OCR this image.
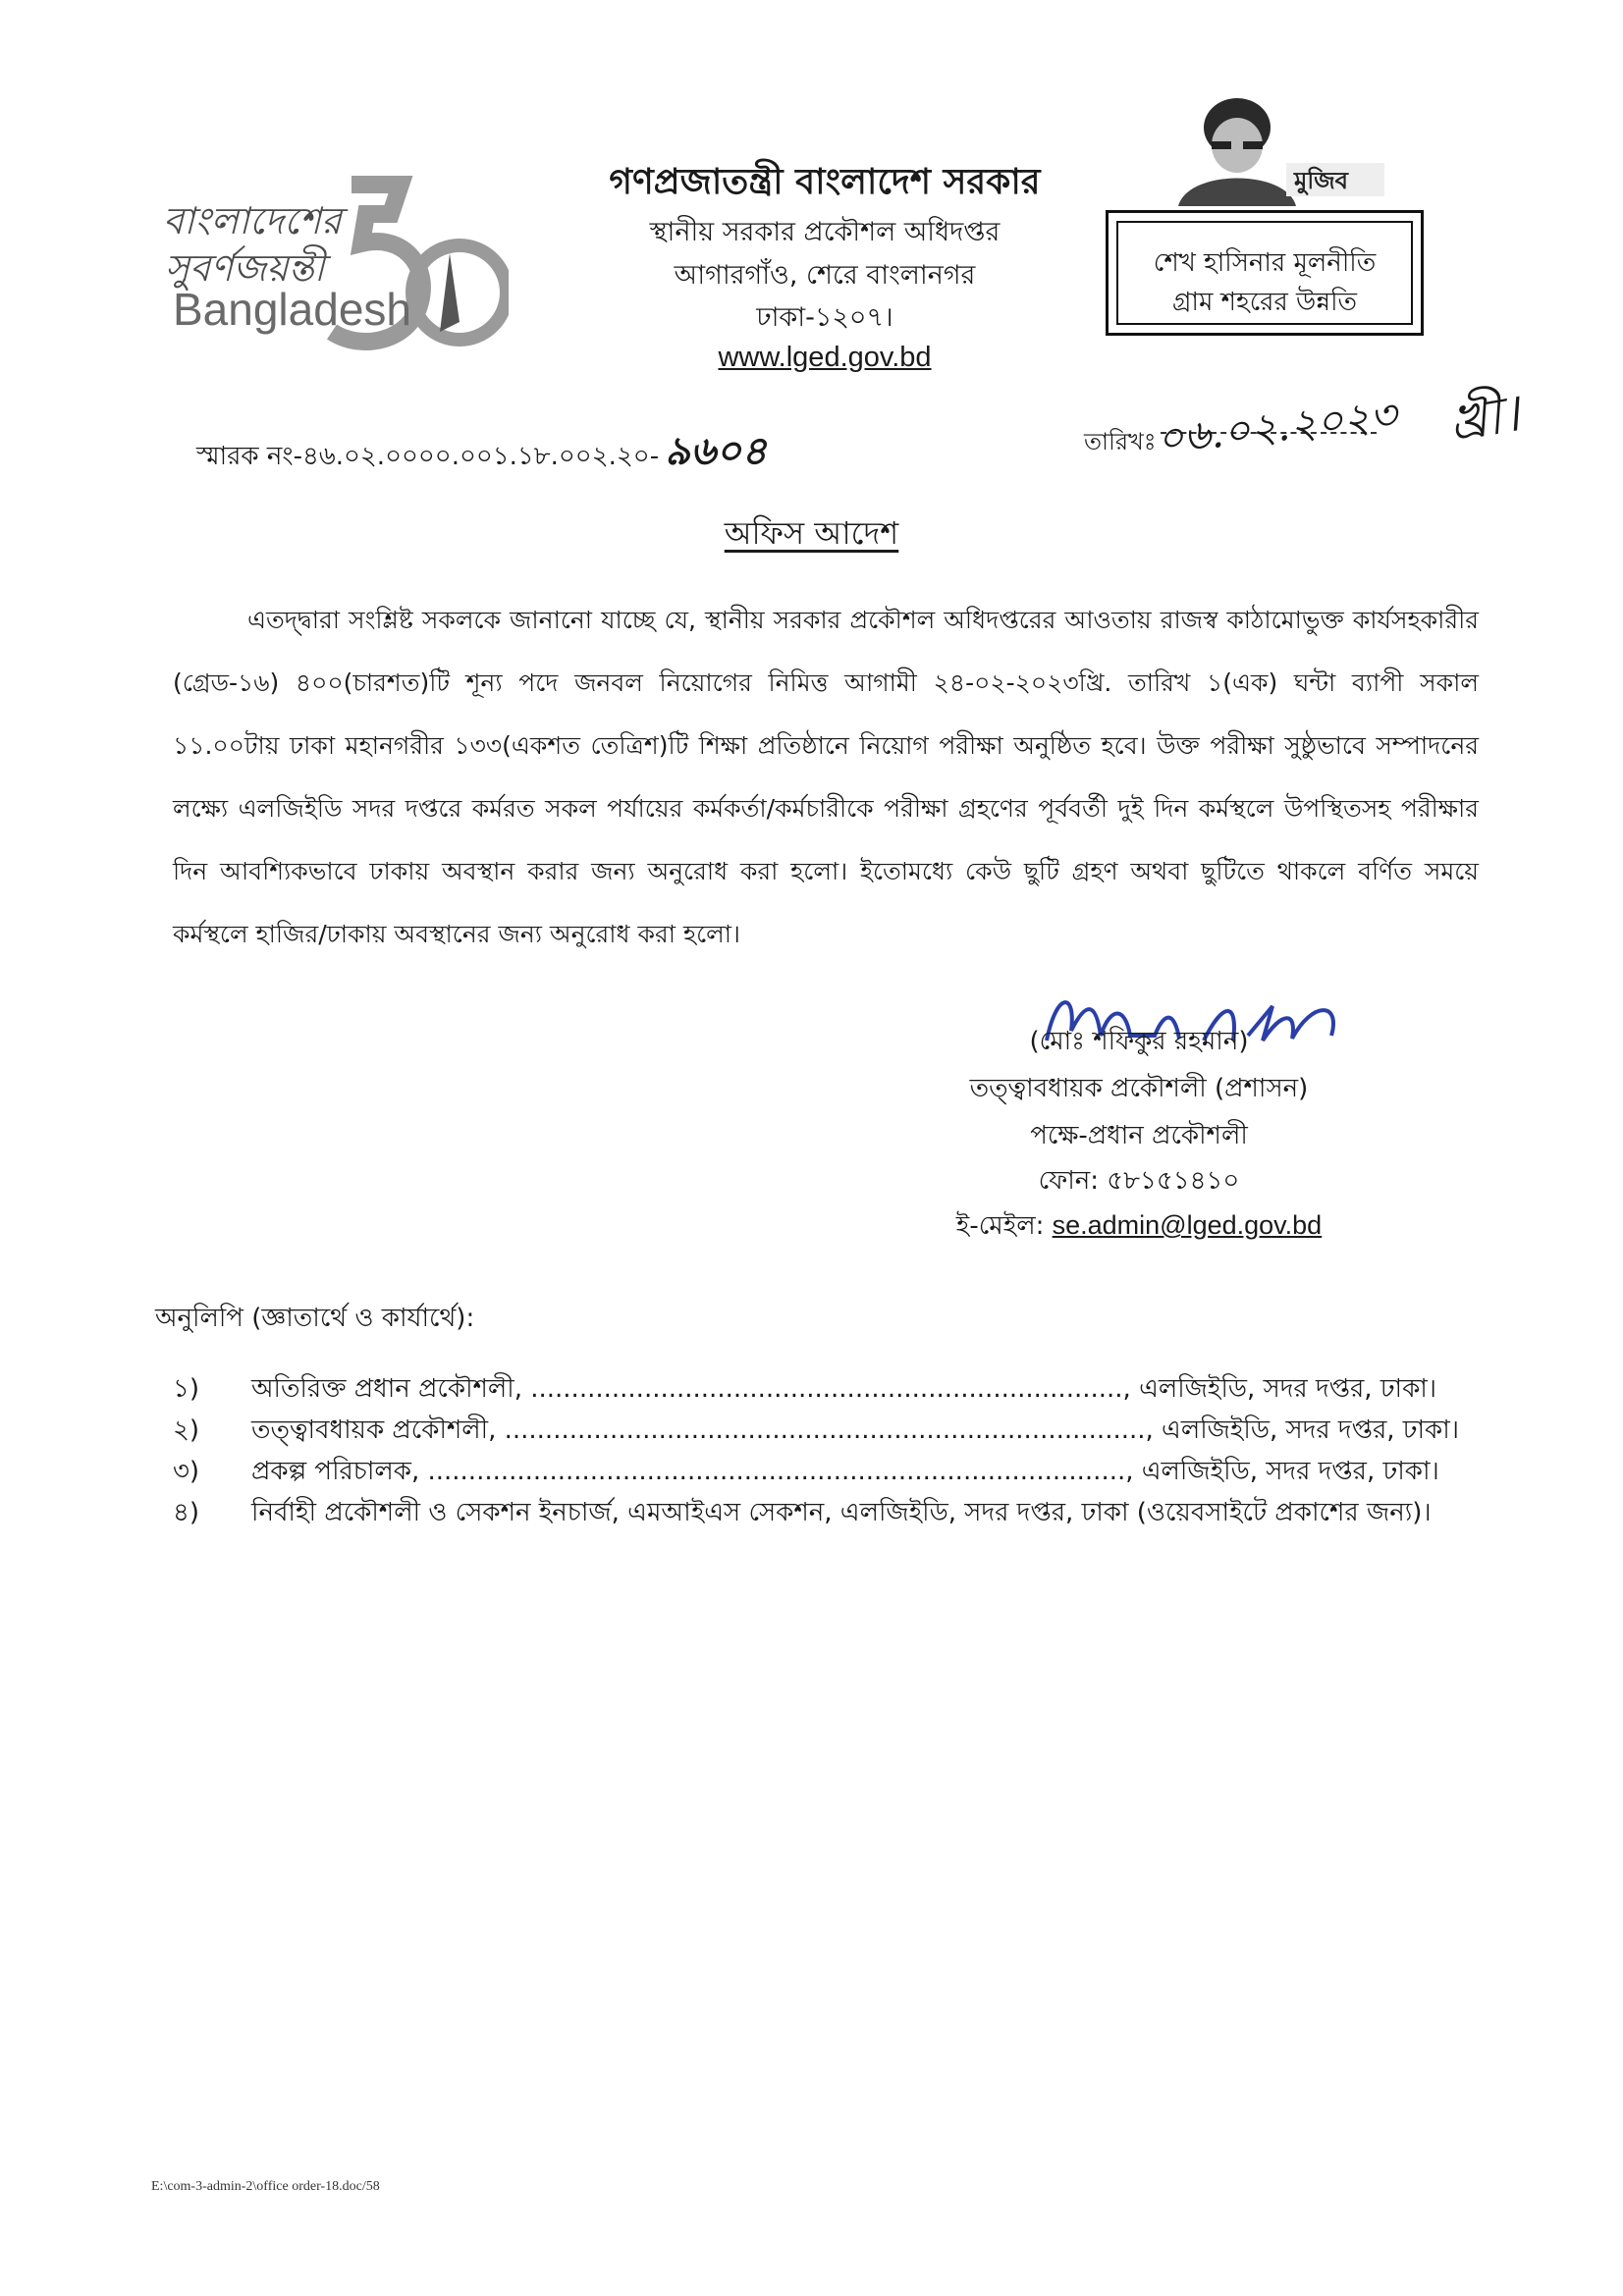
বাংলাদেশের
সুবর্ণজয়ন্তী
Bangladesh
গণপ্রজাতন্ত্রী বাংলাদেশ সরকার
স্থানীয় সরকার প্রকৌশল অধিদপ্তর
আগারগাঁও, শেরে বাংলানগর
ঢাকা-১২০৭।
www.lged.gov.bd
মুজিব
শেখ হাসিনার মূলনীতি
গ্রাম শহরের উন্নতি
স্মারক নং-৪৬.০২.০০০০.০০১.১৮.০০২.২০- ৯৬০৪	তারিখঃ
০৬.০২.২০২৩ খ্রী।
অফিস আদেশ
এতদ্দ্বারা সংশ্লিষ্ট সকলকে জানানো যাচ্ছে যে, স্থানীয় সরকার প্রকৌশল অধিদপ্তরের আওতায় রাজস্ব কাঠামোভুক্ত কার্যসহকারীর (গ্রেড-১৬) ৪০০(চারশত)টি শূন্য পদে জনবল নিয়োগের নিমিত্ত আগামী ২৪-০২-২০২৩খ্রি. তারিখ ১(এক) ঘন্টা ব্যাপী সকাল ১১.০০টায় ঢাকা মহানগরীর ১৩৩(একশত তেত্রিশ)টি শিক্ষা প্রতিষ্ঠানে নিয়োগ পরীক্ষা অনুষ্ঠিত হবে। উক্ত পরীক্ষা সুষ্ঠুভাবে সম্পাদনের লক্ষ্যে এলজিইডি সদর দপ্তরে কর্মরত সকল পর্যায়ের কর্মকর্তা/কর্মচারীকে পরীক্ষা গ্রহণের পূর্ববর্তী দুই দিন কর্মস্থলে উপস্থিতসহ পরীক্ষার দিন আবশ্যিকভাবে ঢাকায় অবস্থান করার জন্য অনুরোধ করা হলো। ইতোমধ্যে কেউ ছুটি গ্রহণ অথবা ছুটিতে থাকলে বর্ণিত সময়ে কর্মস্থলে হাজির/ঢাকায় অবস্থানের জন্য অনুরোধ করা হলো।
(মোঃ শফিকুর রহমান)
তত্ত্বাবধায়ক প্রকৌশলী (প্রশাসন)
পক্ষে-প্রধান প্রকৌশলী
ফোন: ৫৮১৫১৪১০
ই-মেইল: se.admin@lged.gov.bd
অনুলিপি (জ্ঞাতার্থে ও কার্যার্থে):
১)	অতিরিক্ত প্রধান প্রকৌশলী, ........................................................................., এলজিইডি, সদর দপ্তর, ঢাকা।
২)	তত্ত্বাবধায়ক প্রকৌশলী, ..............................................................................., এলজিইডি, সদর দপ্তর, ঢাকা।
৩)	প্রকল্প পরিচালক, ......................................................................................, এলজিইডি, সদর দপ্তর, ঢাকা।
৪)	নির্বাহী প্রকৌশলী ও সেকশন ইনচার্জ, এমআইএস সেকশন, এলজিইডি, সদর দপ্তর, ঢাকা (ওয়েবসাইটে প্রকাশের জন্য)।
E:\com-3-admin-2\office order-18.doc/58
